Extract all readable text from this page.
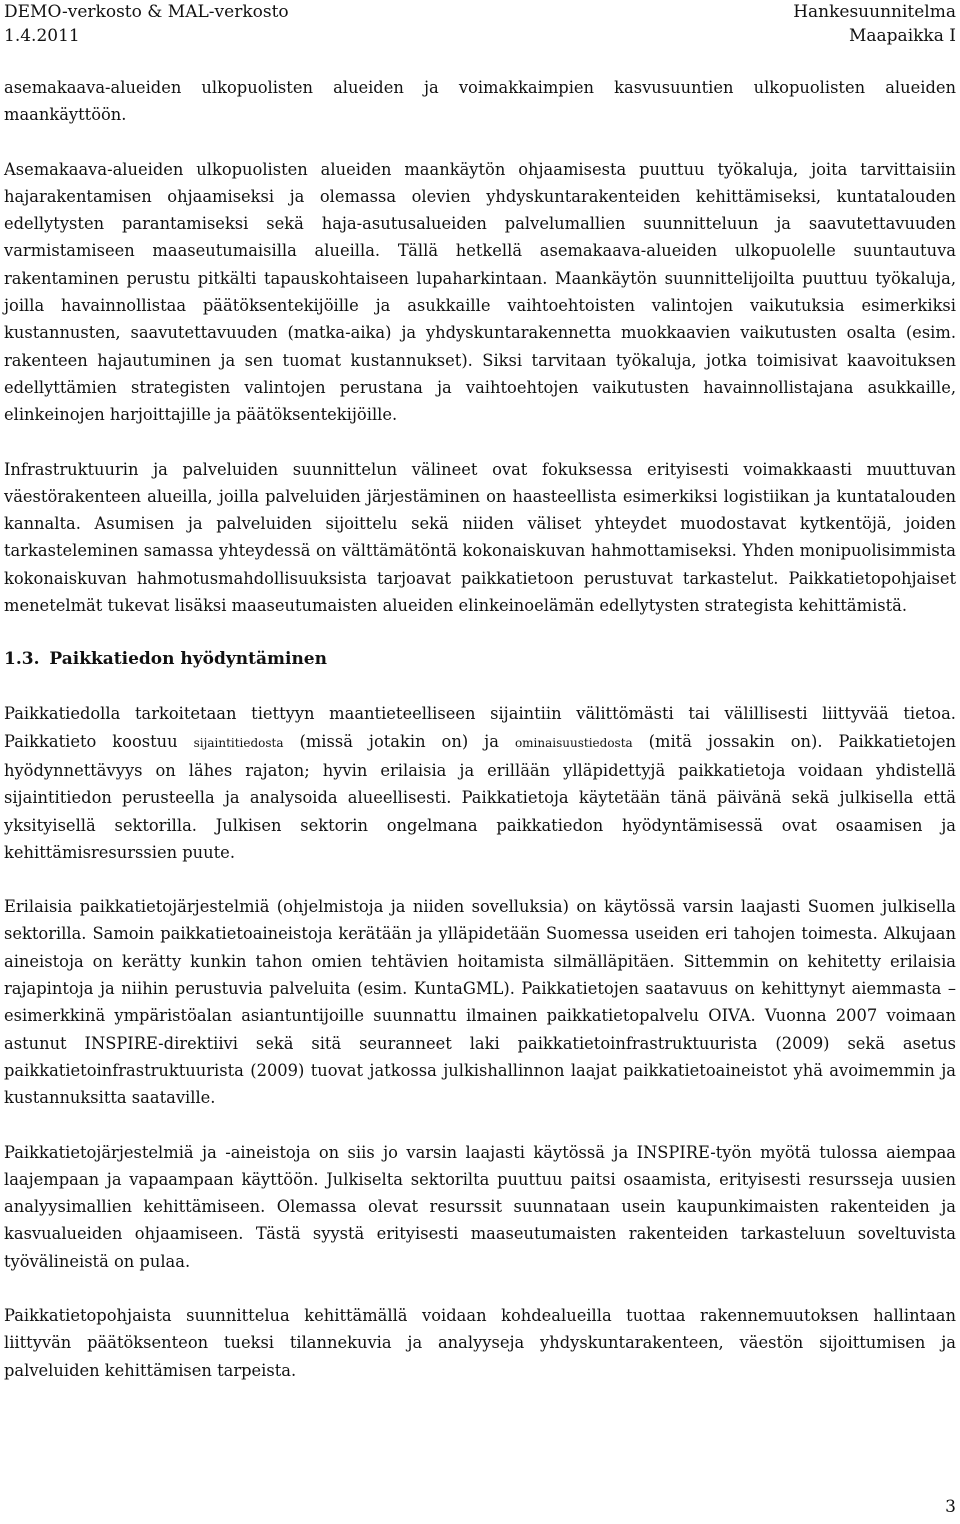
DEMO-verkosto & MAL-verkosto
1.4.2011
Hankesuunnitelma
Maapaikka I

asemakaava-alueiden ulkopuolisten alueiden ja voimakkaimpien kasvusuuntien ulkopuolisten alueiden maankäyttöön.

Asemakaava-alueiden ulkopuolisten alueiden maankäytön ohjaamisesta puuttuu työkaluja, joita tarvittaisiin hajarakentamisen ohjaamiseksi ja olemassa olevien yhdyskuntarakenteiden kehittämiseksi, kuntatalouden edellytysten parantamiseksi sekä haja-asutusalueiden palvelumallien suunnitteluun ja saavutettavuuden varmistamiseen maaseutumaisilla alueilla. Tällä hetkellä asemakaava-alueiden ulkopuolelle suuntautuva rakentaminen perustu pitkälti tapauskohtaiseen lupaharkintaan. Maankäytön suunnittelijoilta puuttuu työkaluja, joilla havainnollistaa päätöksentekijöille ja asukkaille vaihtoehtoisten valintojen vaikutuksia esimerkiksi kustannusten, saavutettavuuden (matka-aika) ja yhdyskuntarakennetta muokkaavien vaikutusten osalta (esim. rakenteen hajautuminen ja sen tuomat kustannukset). Siksi tarvitaan työkaluja, jotka toimisivat kaavoituksen edellyttämien strategisten valintojen perustana ja vaihtoehtojen vaikutusten havainnollistajana asukkaille, elinkeinojen harjoittajille ja päätöksentekijöille.

Infrastruktuurin ja palveluiden suunnittelun välineet ovat fokuksessa erityisesti voimakkaasti muuttuvan väestörakenteen alueilla, joilla palveluiden järjestäminen on haasteellista esimerkiksi logistiikan ja kuntatalouden kannalta. Asumisen ja palveluiden sijoittelu sekä niiden väliset yhteydet muodostavat kytkentöjä, joiden tarkasteleminen samassa yhteydessä on välttämätöntä kokonaiskuvan hahmottamiseksi. Yhden monipuolisimmista kokonaiskuvan hahmotusmahdollisuuksista tarjoavat paikkatietoon perustuvat tarkastelut. Paikkatietopohjaiset menetelmät tukevat lisäksi maaseutumaisten alueiden elinkeinoelämän edellytysten strategista kehittämistä.

1.3. Paikkatiedon hyödyntäminen

Paikkatiedolla tarkoitetaan tiettyyn maantieteelliseen sijaintiin välittömästi tai välillisesti liittyvää tietoa. Paikkatieto koostuu sijaintitiedosta (missä jotakin on) ja ominaisuustiedosta (mitä jossakin on). Paikkatietojen hyödynnettävyys on lähes rajaton; hyvin erilaisia ja erillään ylläpidettyjä paikkatietoja voidaan yhdistellä sijaintitiedon perusteella ja analysoida alueellisesti. Paikkatietoja käytetään tänä päivänä sekä julkisella että yksityisellä sektorilla. Julkisen sektorin ongelmana paikkatiedon hyödyntämisessä ovat osaamisen ja kehittämisresurssien puute.

Erilaisia paikkatietojärjestelmiä (ohjelmistoja ja niiden sovelluksia) on käytössä varsin laajasti Suomen julkisella sektorilla. Samoin paikkatietoaineistoja kerätään ja ylläpidetään Suomessa useiden eri tahojen toimesta. Alkujaan aineistoja on kerätty kunkin tahon omien tehtävien hoitamista silmälläpitäen. Sittemmin on kehitetty erilaisia rajapintoja ja niihin perustuvia palveluita (esim. KuntaGML). Paikkatietojen saatavuus on kehittynyt aiemmasta – esimerkkinä ympäristöalan asiantuntijoille suunnattu ilmainen paikkatietopalvelu OIVA. Vuonna 2007 voimaan astunut INSPIRE-direktiivi sekä sitä seuranneet laki paikkatietoinfrastruktuurista (2009) sekä asetus paikkatietoinfrastruktuurista (2009) tuovat jatkossa julkishallinnon laajat paikkatietoaineistot yhä avoimemmin ja kustannuksitta saataville.

Paikkatietojärjestelmiä ja -aineistoja on siis jo varsin laajasti käytössä ja INSPIRE-työn myötä tulossa aiempaa laajempaan ja vapaampaan käyttöön. Julkiselta sektorilta puuttuu paitsi osaamista, erityisesti resursseja uusien analyysimallien kehittämiseen. Olemassa olevat resurssit suunnataan usein kaupunkimaisten rakenteiden ja kasvualueiden ohjaamiseen. Tästä syystä erityisesti maaseutumaisten rakenteiden tarkasteluun soveltuvista työvälineistä on pulaa.

Paikkatietopohjaista suunnittelua kehittämällä voidaan kohdealueilla tuottaa rakennemuutoksen hallintaan liittyvän päätöksenteon tueksi tilannekuvia ja analyyseja yhdyskuntarakenteen, väestön sijoittumisen ja palveluiden kehittämisen tarpeista.

3
